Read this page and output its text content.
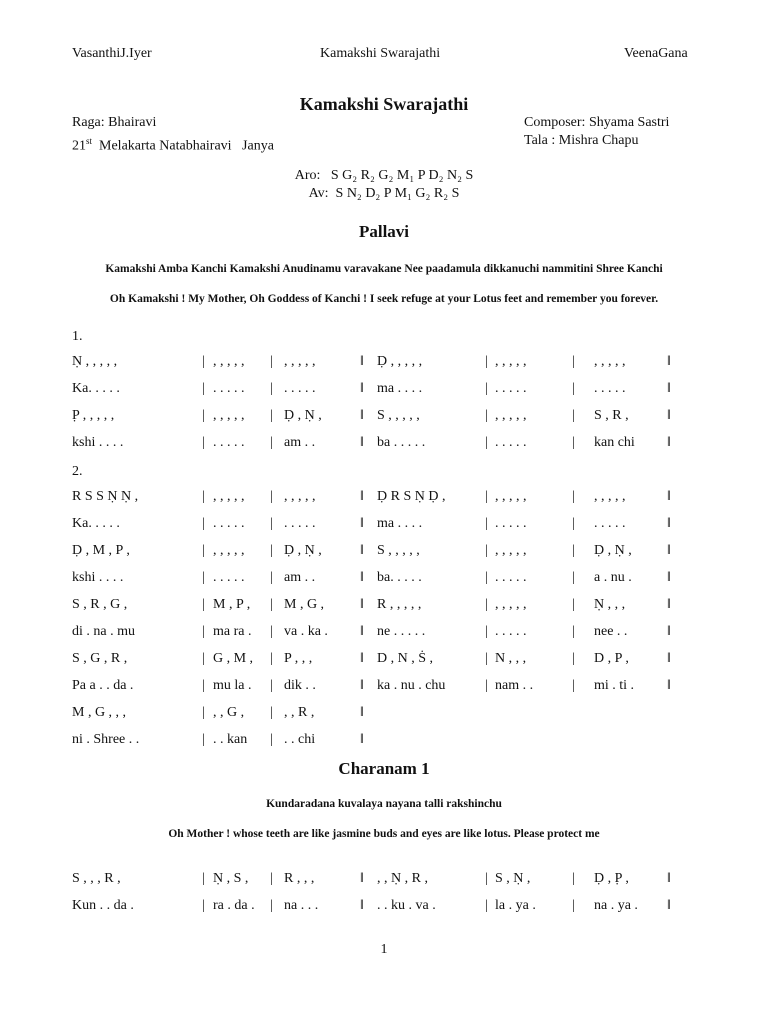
VasanthiJ.Iyer	Kamakshi Swarajathi	VeenaGana
Kamakshi Swarajathi
Raga: Bhairavi
21st Melakarta Natabhairavi   Janya
Composer: Shyama Sastri
Tala : Mishra Chapu
Aro:   S G₂ R₂ G₂ M₁ P D₂ N₂ S
Av:  S N₂ D₂ P M₁ G₂ R₂ S
Pallavi
Kamakshi Amba Kanchi Kamakshi Anudinamu varavakane Nee paadamula dikkanuchi nammitini Shree Kanchi
Oh Kamakshi ! My Mother, Oh Goddess of Kanchi ! I seek refuge at your Lotus feet and remember you forever.
1.
2.
Ṇ , , , , ,	| , , , , , | , , , , ,	‖ Ḍ , , , , ,	| , , , , ,	| , , , , ,	‖
Ka. . . . .	| . . . . . | . . . . .	‖ ma . . . .	| . . . . .	| . . . . .	‖
P̣ , , , , ,	| , , , , , | Ḍ , Ṇ ,	‖ S , , , , ,	| , , , , ,	| S , R ,	‖
kshi . . . .	| . . . . . | am . .	‖ ba . . . . .	| . . . . .	| kan chi ‖
R S S Ṇ Ṇ ,	| , , , , , | , , , , ,	‖ Ḍ R S Ṇ Ḍ ,	| , , , , ,	| , , , , ,	‖
Ka. . . . .	| . . . . . | . . . . .	‖ ma . . . .	| . . . . .	| . . . . .	‖
Ḍ , M , P ,	| , , , , , | Ḍ , Ṇ ,	‖ S , , , , ,	| , , , , ,	| Ḍ , Ṇ ,	‖
kshi . . . .	| . . . . . | am . .	‖ ba. . . . .	| . . . . .	| a . nu .	‖
S , R , G ,	| M , P , | M , G ,	‖ R , , , , ,	| , , , , ,	| Ṇ , , ,	‖
di . na . mu	| ma ra . | va . ka . ‖ ne . . . . .	| . . . . .	| nee . .	‖
S , G , R ,	| G , M , | P , , ,	‖ D , N , Ṡ ,	| N , , ,	| D , P ,	‖
Pa a . . da .	| mu la . | dik . .	‖ ka . nu . chu	| nam . .	| mi . ti . ‖
M , G , , ,	| , , G , | , , R ,	‖
ni . Shree . .	| . . kan | . . chi	‖
Charanam 1
Kundaradana kuvalaya nayana talli rakshinchu
Oh Mother ! whose teeth are like jasmine buds and eyes are like lotus. Please protect me
S , , , R ,	| Ṇ , S , | R , , ,	‖ , , Ṇ , R ,	| S , Ṇ ,	| Ḍ , P̣ ,	‖
Kun . . da .	| ra . da . | na . . .	‖ . . ku . va .	| la . ya .	| na . ya . ‖
1
